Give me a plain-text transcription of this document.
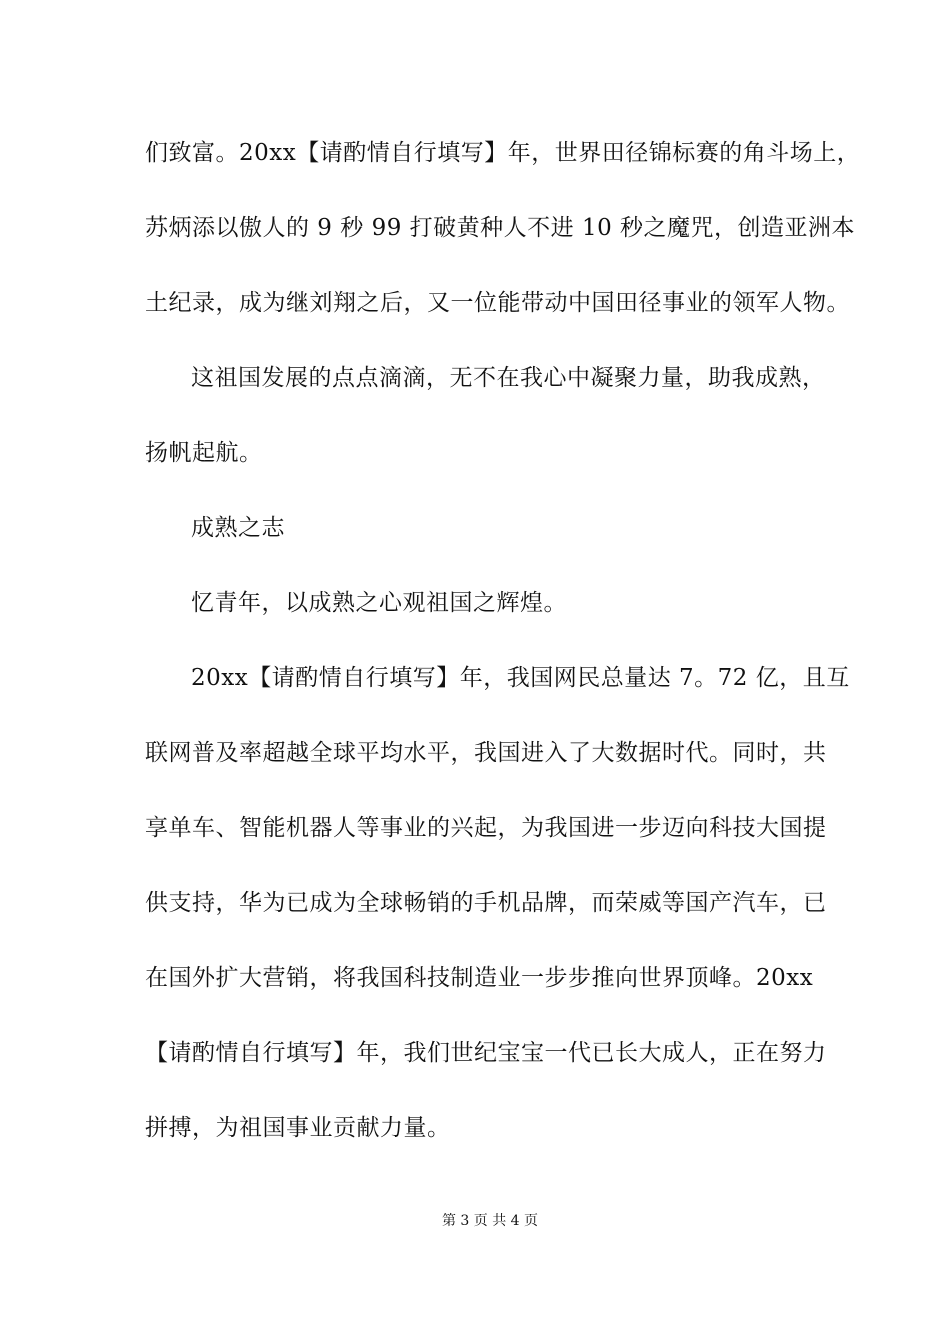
们致富。20xx【请酌情自行填写】年，世界田径锦标赛的角斗场上，
苏炳添以傲人的 9 秒 99 打破黄种人不进 10 秒之魔咒，创造亚洲本
土纪录，成为继刘翔之后，又一位能带动中国田径事业的领军人物。
这祖国发展的点点滴滴，无不在我心中凝聚力量，助我成熟，
扬帆起航。
成熟之志
忆青年，以成熟之心观祖国之辉煌。
20xx【请酌情自行填写】年，我国网民总量达 7。72 亿，且互
联网普及率超越全球平均水平，我国进入了大数据时代。同时，共
享单车、智能机器人等事业的兴起，为我国进一步迈向科技大国提
供支持，华为已成为全球畅销的手机品牌，而荣威等国产汽车，已
在国外扩大营销，将我国科技制造业一步步推向世界顶峰。20xx
【请酌情自行填写】年，我们世纪宝宝一代已长大成人，正在努力
拼搏，为祖国事业贡献力量。
第 3 页 共 4 页
